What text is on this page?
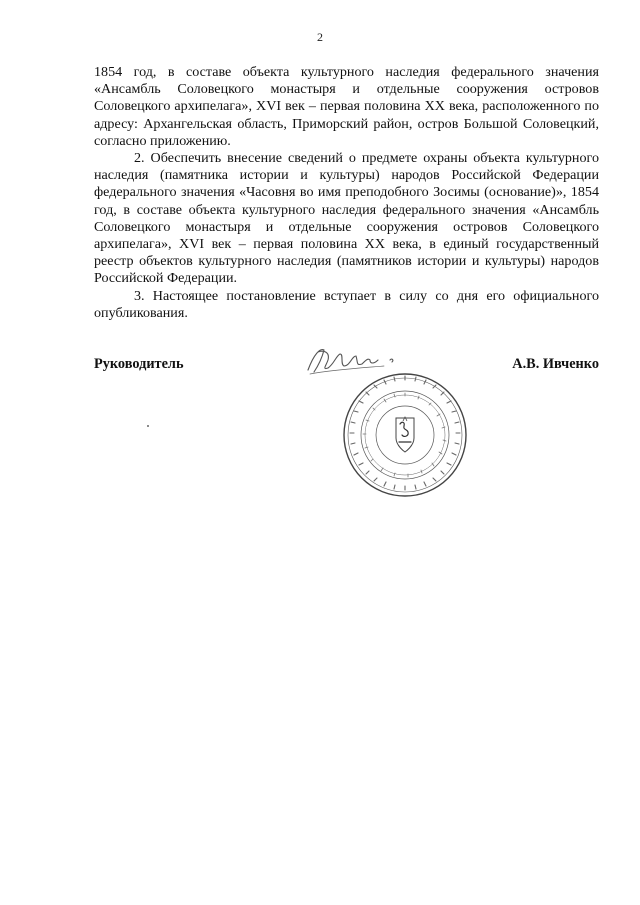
2

1854 год, в составе объекта культурного наследия федерального значения «Ансамбль Соловецкого монастыря и отдельные сооружения островов Соловецкого архипелага», XVI век – первая половина XX века, расположенного по адресу: Архангельская область, Приморский район, остров Большой Соловецкий, согласно приложению.

2. Обеспечить внесение сведений о предмете охраны объекта культурного наследия (памятника истории и культуры) народов Российской Федерации федерального значения «Часовня во имя преподобного Зосимы (основание)», 1854 год, в составе объекта культурного наследия федерального значения «Ансамбль Соловецкого монастыря и отдельные сооружения островов Соловецкого архипелага», XVI век – первая половина XX века, в единый государственный реестр объектов культурного наследия (памятников истории и культуры) народов Российской Федерации.

3. Настоящее постановление вступает в силу со дня его официального опубликования.

Руководитель	А.В. Ивченко
